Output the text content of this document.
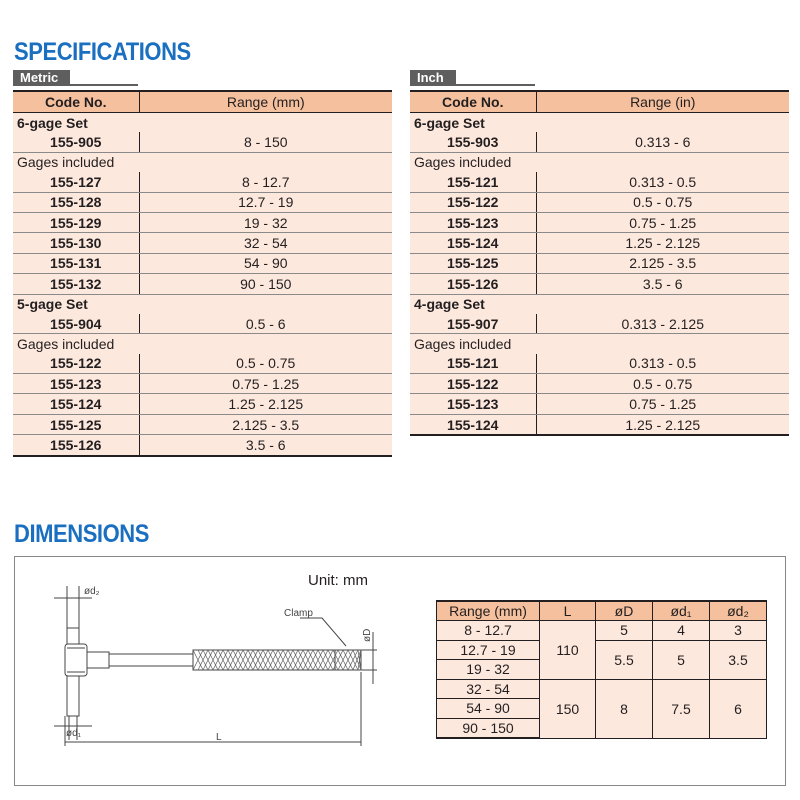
SPECIFICATIONS
Metric
Code No.	Range (mm)
6-gage Set	
155-905	8 - 150
Gages included	
155-127	8 - 12.7
155-128	12.7 - 19
155-129	19 - 32
155-130	32 - 54
155-131	54 - 90
155-132	90 - 150
5-gage Set	
155-904	0.5 - 6
Gages included	
155-122	0.5 - 0.75
155-123	0.75 - 1.25
155-124	1.25 - 2.125
155-125	2.125 - 3.5
155-126	3.5 - 6
Inch
Code No.	Range (in)
6-gage Set	
155-903	0.313 - 6
Gages included	
155-121	0.313 - 0.5
155-122	0.5 - 0.75
155-123	0.75 - 1.25
155-124	1.25 - 2.125
155-125	2.125 - 3.5
155-126	3.5 - 6
4-gage Set	
155-907	0.313 - 2.125
Gages included	
155-121	0.313 - 0.5
155-122	0.5 - 0.75
155-123	0.75 - 1.25
155-124	1.25 - 2.125
DIMENSIONS
Unit: mm
ød₂
ød₁
Clamp
L
øD
Range (mm)	L	øD	ød₁	ød₂
8 - 12.7	110	5	4	3
12.7 - 19		5.5	5	3.5
19 - 32				
32 - 54	150	8	7.5	6
54 - 90				
90 - 150				
